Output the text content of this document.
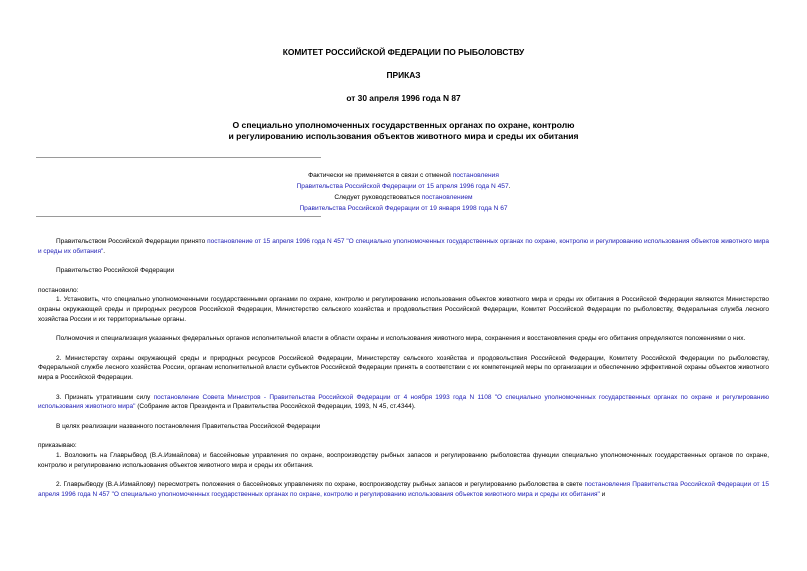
КОМИТЕТ РОССИЙСКОЙ ФЕДЕРАЦИИ ПО РЫБОЛОВСТВУ
ПРИКАЗ
от 30 апреля 1996 года N 87
О специально уполномоченных государственных органах по охране, контролю
и регулированию использования объектов животного мира и среды их обитания
Фактически не применяется в связи с отменой постановления
Правительства Российской Федерации от 15 апреля 1996 года N 457.
Следует руководствоваться постановлением
Правительства Российской Федерации от 19 января 1998 года N 67

Правительством Российской Федерации принято постановление от 15 апреля 1996 года N 457 "О специально уполномоченных государственных органах по охране, контролю и регулированию использования объектов животного мира и среды их обитания".

Правительство Российской Федерации

постановило:

1. Установить, что специально уполномоченными государственными органами по охране, контролю и регулированию использования объектов животного мира и среды их обитания в Российской Федерации являются Министерство охраны окружающей среды и природных ресурсов Российской Федерации, Министерство сельского хозяйства и продовольствия Российской Федерации, Комитет Российской Федерации по рыболовству, Федеральная служба лесного хозяйства России и их территориальные органы.

Полномочия и специализация указанных федеральных органов исполнительной власти в области охраны и использования животного мира, сохранения и восстановления среды его обитания определяются положениями о них.

2. Министерству охраны окружающей среды и природных ресурсов Российской Федерации, Министерству сельского хозяйства и продовольствия Российской Федерации, Комитету Российской Федерации по рыболовству, Федеральной службе лесного хозяйства России, органам исполнительной власти субъектов Российской Федерации принять в соответствии с их компетенцией меры по организации и обеспечению эффективной охраны объектов животного мира в Российской Федерации.

3. Признать утратившим силу постановление Совета Министров - Правительства Российской Федерации от 4 ноября 1993 года N 1108 "О специально уполномоченных государственных органах по охране и регулированию использования животного мира" (Собрание актов Президента и Правительства Российской Федерации, 1993, N 45, ст.4344).

В целях реализации названного постановления Правительства Российской Федерации

приказываю:

1. Возложить на Главрыбвод (В.А.Измайлова) и бассейновые управления по охране, воспроизводству рыбных запасов и регулированию рыболовства функции специально уполномоченных государственных органов по охране, контролю и регулированию использования объектов животного мира и среды их обитания.

2. Главрыбводу (В.А.Измайлову) пересмотреть положения о бассейновых управлениях по охране, воспроизводству рыбных запасов и регулированию рыболовства в свете постановления Правительства Российской Федерации от 15 апреля 1996 года N 457 "О специально уполномоченных государственных органах по охране, контролю и регулированию использования объектов животного мира и среды их обитания" и
